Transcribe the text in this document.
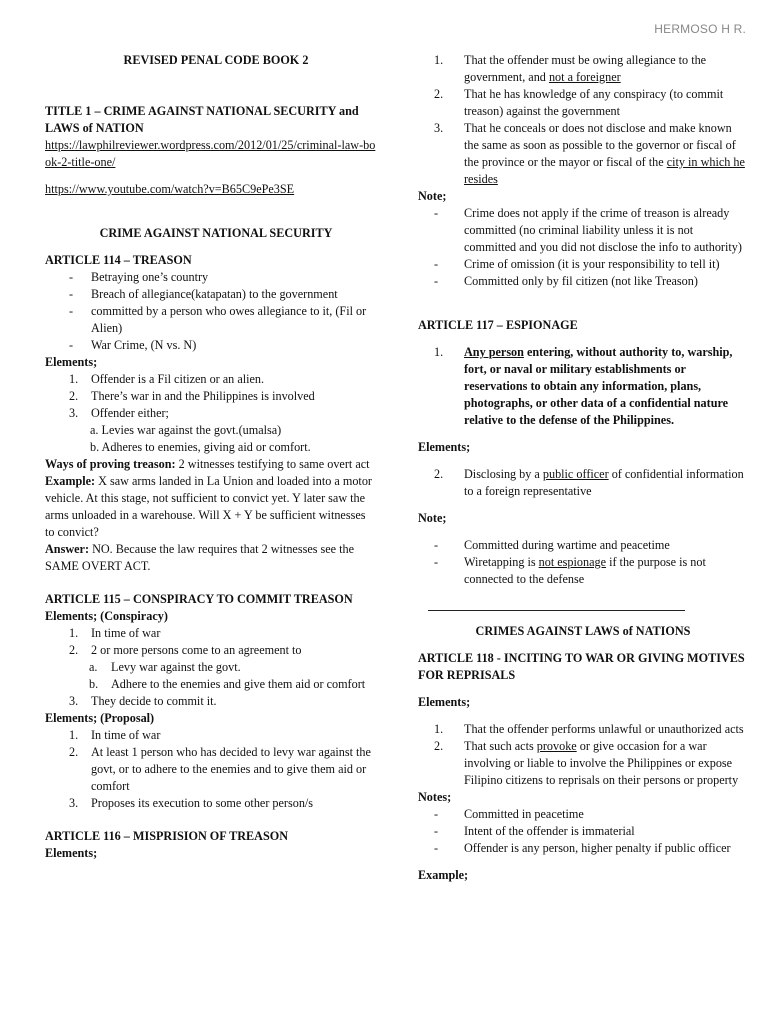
HERMOSO H R.

REVISED PENAL CODE BOOK 2

TITLE 1 – CRIME AGAINST NATIONAL SECURITY and LAWS of NATION

https://lawphilreviewer.wordpress.com/2012/01/25/criminal-law-book-2-title-one/

https://www.youtube.com/watch?v=B65C9ePe3SE

CRIME AGAINST NATIONAL SECURITY

ARTICLE 114 – TREASON

-	Betraying one’s country
-	Breach of allegiance(katapatan) to the government
-	committed by a person who owes allegiance to it, (Fil or Alien)
-	War Crime, (N vs. N)

Elements;

1.	Offender is a Fil citizen or an alien.
2.	There’s war in and the Philippines is involved
3.	Offender either;

a. Levies war against the govt.(umalsa)

b. Adheres to enemies, giving aid or comfort.

Ways of proving treason: 2 witnesses testifying to same overt act

Example: X saw arms landed in La Union and loaded into a motor vehicle. At this stage, not sufficient to convict yet. Y later saw the arms unloaded in a warehouse. Will X + Y be sufficient witnesses to convict?

Answer: NO. Because the law requires that 2 witnesses see the SAME OVERT ACT.

ARTICLE 115 – CONSPIRACY TO COMMIT TREASON

Elements; (Conspiracy)

1.	In time of war
2.	2 or more persons come to an agreement to
a.	Levy war against the govt.
b.	Adhere to the enemies and give them aid or comfort
3.	They decide to commit it.

Elements; (Proposal)

1.	In time of war
2.	At least 1 person who has decided to levy war against the govt, or to adhere to the enemies and to give them aid or comfort
3.	Proposes its execution to some other person/s

ARTICLE 116 – MISPRISION OF TREASON

Elements;

1.	That the offender must be owing allegiance to the government, and not a foreigner
2.	That he has knowledge of any conspiracy (to commit treason) against the government
3.	That he conceals or does not disclose and make known the same as soon as possible to the governor or fiscal of the province or the mayor or fiscal of the city in which he resides

Note;

-	Crime does not apply if the crime of treason is already committed (no criminal liability unless it is not committed and you did not disclose the info to authority)
-	Crime of omission (it is your responsibility to tell it)
-	Committed only by fil citizen (not like Treason)

ARTICLE 117 – ESPIONAGE

1.	Any person entering, without authority to, warship, fort, or naval or military establishments or reservations to obtain any information, plans, photographs, or other data of a confidential nature relative to the defense of the Philippines.

Elements;

2.	Disclosing by a public officer of confidential information to a foreign representative

Note;

-	Committed during wartime and peacetime
-	Wiretapping is not espionage if the purpose is not connected to the defense

CRIMES AGAINST LAWS of NATIONS

ARTICLE 118 - INCITING TO WAR OR GIVING MOTIVES FOR REPRISALS

Elements;

1.	That the offender performs unlawful or unauthorized acts
2.	That such acts provoke or give occasion for a war involving or liable to involve the Philippines or expose Filipino citizens to reprisals on their persons or property

Notes;

-	Committed in peacetime
-	Intent of the offender is immaterial
-	Offender is any person, higher penalty if public officer

Example;
